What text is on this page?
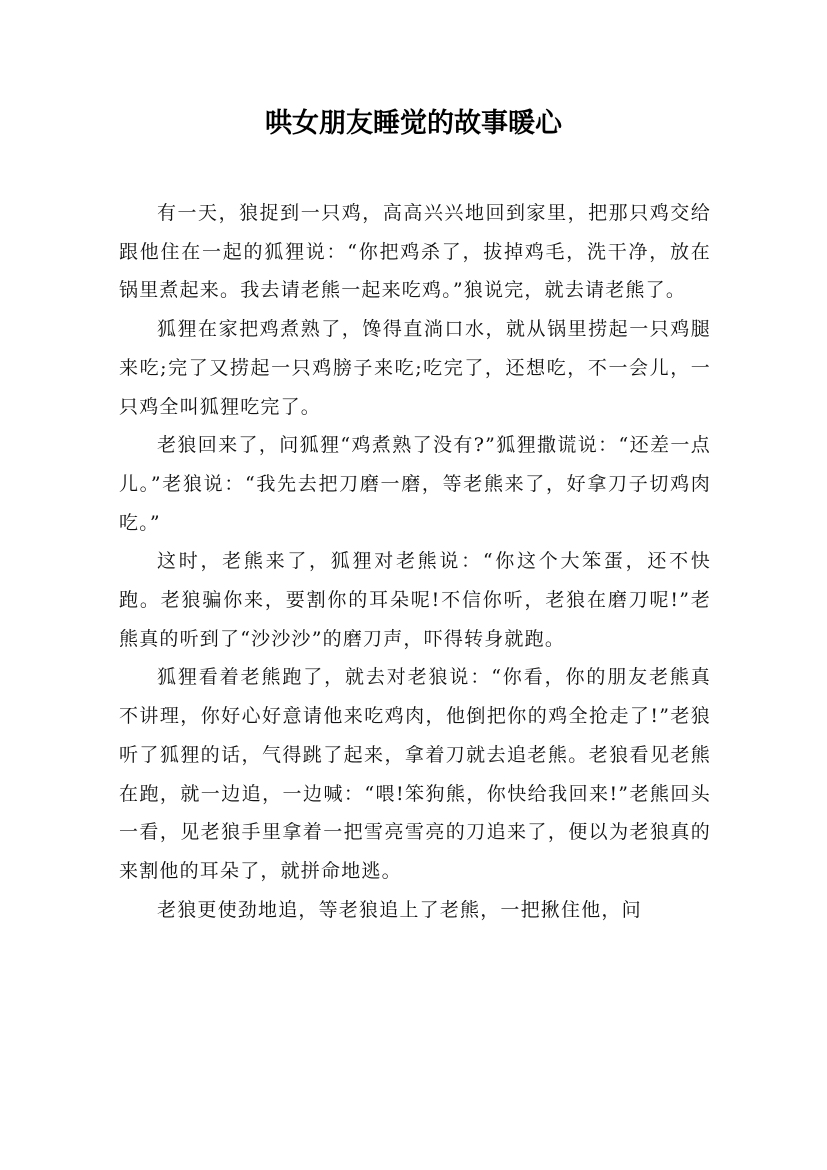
哄女朋友睡觉的故事暖心

有一天，狼捉到一只鸡，高高兴兴地回到家里，把那只鸡交给跟他住在一起的狐狸说：“你把鸡杀了，拔掉鸡毛，洗干净，放在锅里煮起来。我去请老熊一起来吃鸡。”狼说完，就去请老熊了。

狐狸在家把鸡煮熟了，馋得直淌口水，就从锅里捞起一只鸡腿来吃;完了又捞起一只鸡膀子来吃;吃完了，还想吃，不一会儿，一只鸡全叫狐狸吃完了。

老狼回来了，问狐狸“鸡煮熟了没有?”狐狸撒谎说：“还差一点儿。”老狼说：“我先去把刀磨一磨，等老熊来了，好拿刀子切鸡肉吃。”

这时，老熊来了，狐狸对老熊说：“你这个大笨蛋，还不快跑。老狼骗你来，要割你的耳朵呢!不信你听，老狼在磨刀呢!”老熊真的听到了“沙沙沙”的磨刀声，吓得转身就跑。

狐狸看着老熊跑了，就去对老狼说：“你看，你的朋友老熊真不讲理，你好心好意请他来吃鸡肉，他倒把你的鸡全抢走了!”老狼听了狐狸的话，气得跳了起来，拿着刀就去追老熊。老狼看见老熊在跑，就一边追，一边喊：“喂!笨狗熊，你快给我回来!”老熊回头一看，见老狼手里拿着一把雪亮雪亮的刀追来了，便以为老狼真的来割他的耳朵了，就拼命地逃。

老狼更使劲地追，等老狼追上了老熊，一把揪住他，问
